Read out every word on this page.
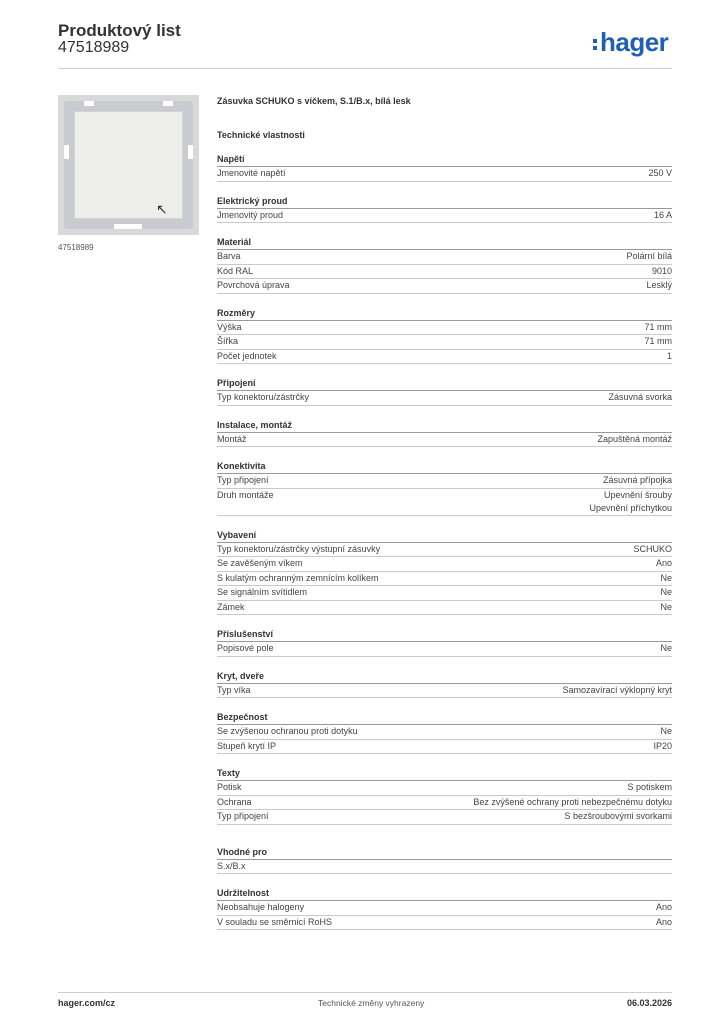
Produktový list
47518989	hager
↖
47518989
Zásuvka SCHUKO s víčkem, S.1/B.x, bílá lesk
Technické vlastnosti
Napětí
Jmenovité napětí	250 V
Elektrický proud
Jmenovitý proud	16 A
Materiál
Barva	Polární bílá
Kód RAL	9010
Povrchová úprava	Lesklý
Rozměry
Výška	71 mm
Šířka	71 mm
Počet jednotek	1
Připojení
Typ konektoru/zástrčky	Zásuvná svorka
Instalace, montáž
Montáž	Zapuštěná montáž
Konektivita
Typ připojení	Zásuvná přípojka
Druh montáže	Upevnění šrouby
Upevnění příchytkou
Vybavení
Typ konektoru/zástrčky výstupní zásuvky	SCHUKO
Se zavěšeným víkem	Ano
S kulatým ochranným zemnícím kolíkem	Ne
Se signálním svítidlem	Ne
Zámek	Ne
Příslušenství
Popisové pole	Ne
Kryt, dveře
Typ víka	Samozavírací výklopný kryt
Bezpečnost
Se zvýšenou ochranou proti dotyku	Ne
Stupeň krytí IP	IP20
Texty
Potisk	S potiskem
Ochrana	Bez zvýšené ochrany proti nebezpečnému dotyku
Typ připojení	S bezšroubovými svorkami
Vhodné pro
S.x/B.x
Udržitelnost
Neobsahuje halogeny	Ano
V souladu se směrnicí RoHS	Ano
hager.com/cz	Technické změny vyhrazeny	06.03.2026
